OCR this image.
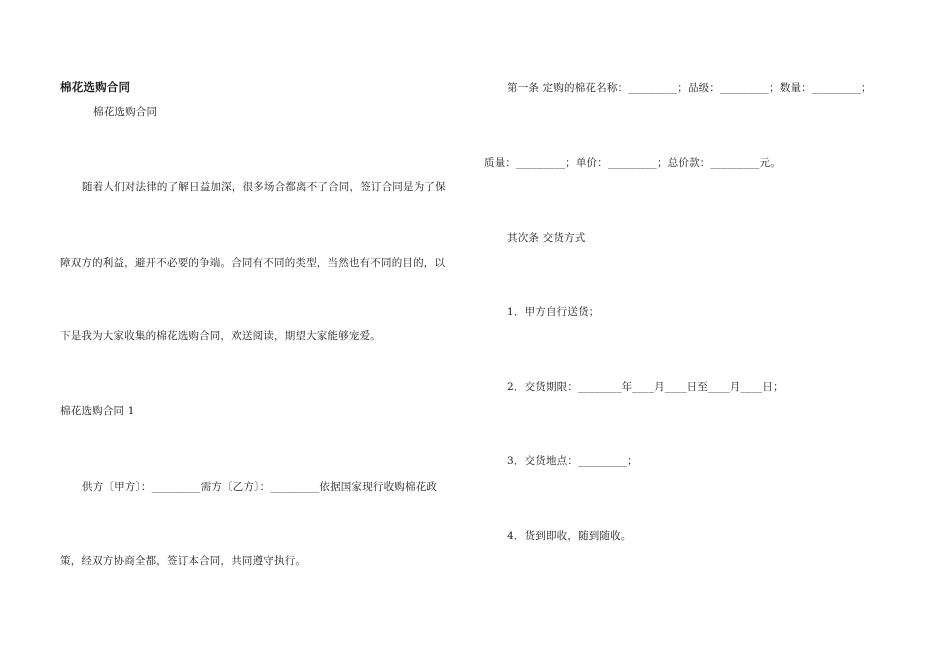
棉花选购合同
棉花选购合同
随着人们对法律的了解日益加深，很多场合都离不了合同，签订合同是为了保
障双方的利益，避开不必要的争端。合同有不同的类型，当然也有不同的目的，以
下是我为大家收集的棉花选购合同，欢送阅读，期望大家能够宠爱。
棉花选购合同 1
供方〔甲方〕：_________需方〔乙方〕：_________依据国家现行收购棉花政
策，经双方协商全都，签订本合同，共同遵守执行。
第一条 定购的棉花名称：_________；品级：_________；数量：_________；
质量：_________；单价：_________；总价款：_________元。
其次条 交货方式
1．甲方自行送货；
2．交货期限：________年____月____日至____月____日；
3．交货地点：_________；
4．货到即收，随到随收。
